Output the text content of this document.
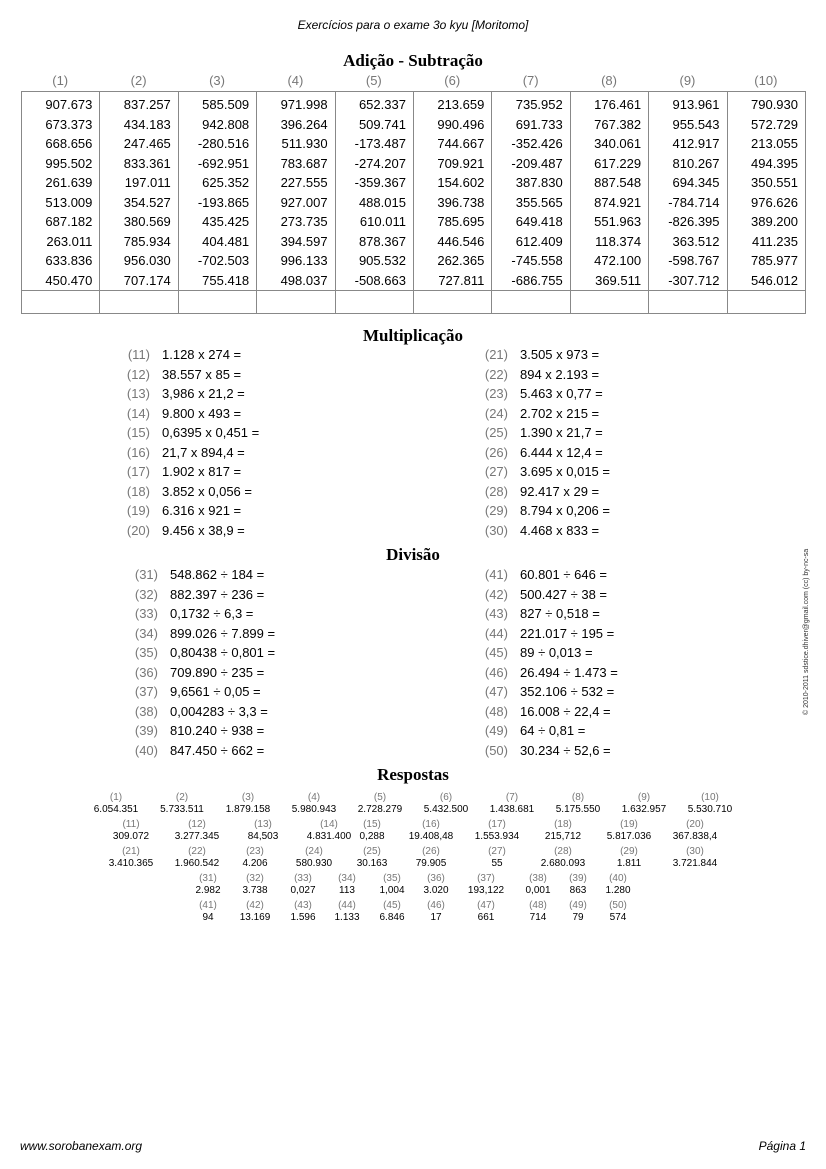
Exercícios para o exame 3o kyu [Moritomo]
Adição - Subtração
(1)	(2)	(3)	(4)	(5)	(6)	(7)	(8)	(9)	(10)
907.673	837.257	585.509	971.998	652.337	213.659	735.952	176.461	913.961	790.930
673.373	434.183	942.808	396.264	509.741	990.496	691.733	767.382	955.543	572.729
668.656	247.465	-280.516	511.930	-173.487	744.667	-352.426	340.061	412.917	213.055
995.502	833.361	-692.951	783.687	-274.207	709.921	-209.487	617.229	810.267	494.395
261.639	197.011	625.352	227.555	-359.367	154.602	387.830	887.548	694.345	350.551
513.009	354.527	-193.865	927.007	488.015	396.738	355.565	874.921	-784.714	976.626
687.182	380.569	435.425	273.735	610.011	785.695	649.418	551.963	-826.395	389.200
263.011	785.934	404.481	394.597	878.367	446.546	612.409	118.374	363.512	411.235
633.836	956.030	-702.503	996.133	905.532	262.365	-745.558	472.100	-598.767	785.977
450.470	707.174	755.418	498.037	-508.663	727.811	-686.755	369.511	-307.712	546.012

Multiplicação
(11) 1.128 x 274 =
(12) 38.557 x 85 =
(13) 3,986 x 21,2 =
(14) 9.800 x 493 =
(15) 0,6395 x 0,451 =
(16) 21,7 x 894,4 =
(17) 1.902 x 817 =
(18) 3.852 x 0,056 =
(19) 6.316 x 921 =
(20) 9.456 x 38,9 =
(21) 3.505 x 973 =
(22) 894 x 2.193 =
(23) 5.463 x 0,77 =
(24) 2.702 x 215 =
(25) 1.390 x 21,7 =
(26) 6.444 x 12,4 =
(27) 3.695 x 0,015 =
(28) 92.417 x 29 =
(29) 8.794 x 0,206 =
(30) 4.468 x 833 =
Divisão
(31) 548.862 ÷ 184 =
(32) 882.397 ÷ 236 =
(33) 0,1732 ÷ 6,3 =
(34) 899.026 ÷ 7.899 =
(35) 0,80438 ÷ 0,801 =
(36) 709.890 ÷ 235 =
(37) 9,6561 ÷ 0,05 =
(38) 0,004283 ÷ 3,3 =
(39) 810.240 ÷ 938 =
(40) 847.450 ÷ 662 =
(41) 60.801 ÷ 646 =
(42) 500.427 ÷ 38 =
(43) 827 ÷ 0,518 =
(44) 221.017 ÷ 195 =
(45) 89 ÷ 0,013 =
(46) 26.494 ÷ 1.473 =
(47) 352.106 ÷ 532 =
(48) 16.008 ÷ 22,4 =
(49) 64 ÷ 0,81 =
(50) 30.234 ÷ 52,6 =
Respostas
(1)	(2)	(3)	(4)	(5)	(6)	(7)	(8)	(9)	(10)
6.054.351 5.733.511 1.879.158 5.980.943 2.728.279 5.432.500 1.438.681 5.175.550 1.632.957 5.530.710
(11)	(12)	(13)	(14)	(15)	(16)	(17)	(18)	(19)	(20)
309.072	3.277.345	84,503	4.831.400 0,288 19.408,48 1.553.934	215,712	5.817.036 367.838,4
(21)	(22)	(23)	(24)	(25)	(26)	(27)	(28)	(29)	(30)
3.410.365 1.960.542 4.206	580.930 30.163	79.905	55	2.680.093	1.811	3.721.844
(31)	(32)	(33)	(34)	(35)	(36)	(37)	(38) (39) (40)
2.982 3.738 0,027 113 1,004 3.020 193,122 0,001 863 1.280
(41)	(42)	(43)	(44)	(45)	(46)	(47)	(48) (49) (50)
94	13.169 1.596 1.133 6.846	17	661	714	79	574
© 2010-2011 sdstice.dhiver@gmail.com (cc) by-nc-sa
www.sorobanexam.org	Página 1
